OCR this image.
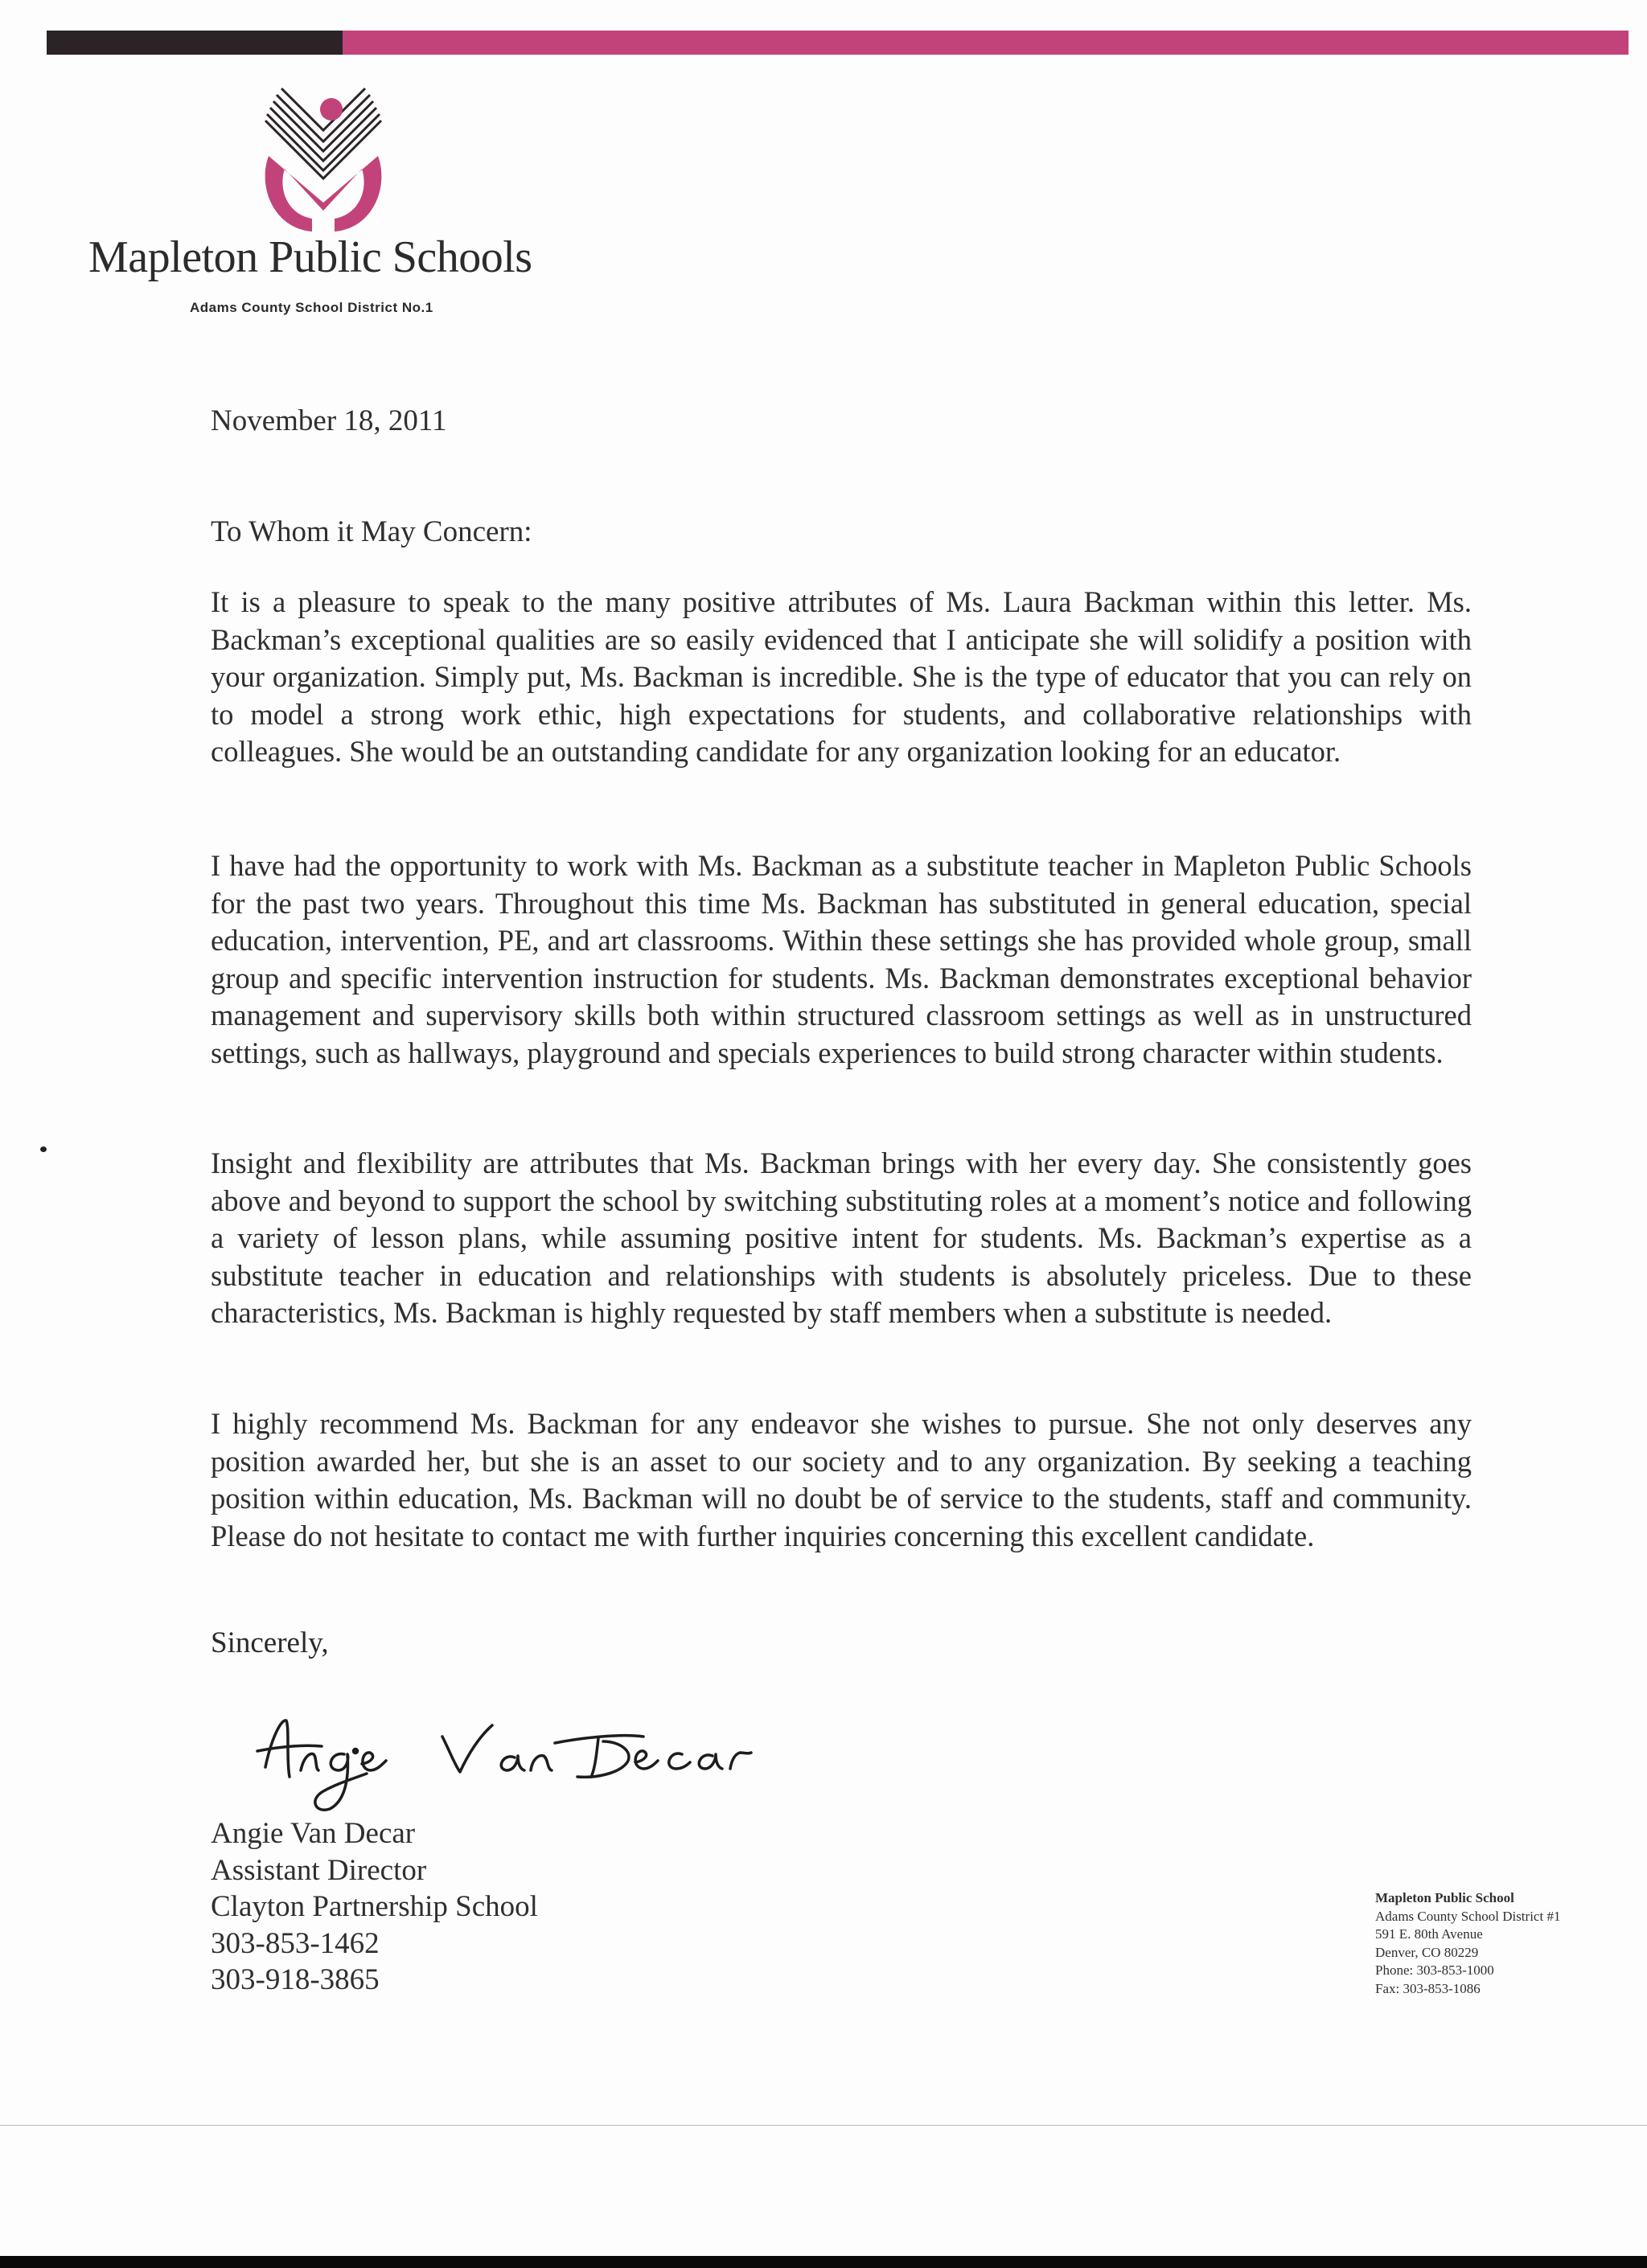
Mapleton Public Schools
Adams County School District No.1
November 18, 2011
To Whom it May Concern:

It is a pleasure to speak to the many positive attributes of Ms. Laura Backman within this letter. Ms. Backman’s exceptional qualities are so easily evidenced that I anticipate she will solidify a position with your organization. Simply put, Ms. Backman is incredible. She is the type of educator that you can rely on to model a strong work ethic, high expectations for students, and collaborative relationships with colleagues. She would be an outstanding candidate for any organization looking for an educator.

I have had the opportunity to work with Ms. Backman as a substitute teacher in Mapleton Public Schools for the past two years. Throughout this time Ms. Backman has substituted in general education, special education, intervention, PE, and art classrooms. Within these settings she has provided whole group, small group and specific intervention instruction for students. Ms. Backman demonstrates exceptional behavior management and supervisory skills both within structured classroom settings as well as in unstructured settings, such as hallways, playground and specials experiences to build strong character within students.

Insight and flexibility are attributes that Ms. Backman brings with her every day. She consistently goes above and beyond to support the school by switching substituting roles at a moment’s notice and following a variety of lesson plans, while assuming positive intent for students. Ms. Backman’s expertise as a substitute teacher in education and relationships with students is absolutely priceless. Due to these characteristics, Ms. Backman is highly requested by staff members when a substitute is needed.

I highly recommend Ms. Backman for any endeavor she wishes to pursue. She not only deserves any position awarded her, but she is an asset to our society and to any organization. By seeking a teaching position within education, Ms. Backman will no doubt be of service to the students, staff and community. Please do not hesitate to contact me with further inquiries concerning this excellent candidate.

Sincerely,
Angie Van Decar
Assistant Director
Clayton Partnership School
303-853-1462
303-918-3865
Mapleton Public School
Adams County School District #1
591 E. 80th Avenue
Denver, CO 80229
Phone: 303-853-1000
Fax: 303-853-1086
